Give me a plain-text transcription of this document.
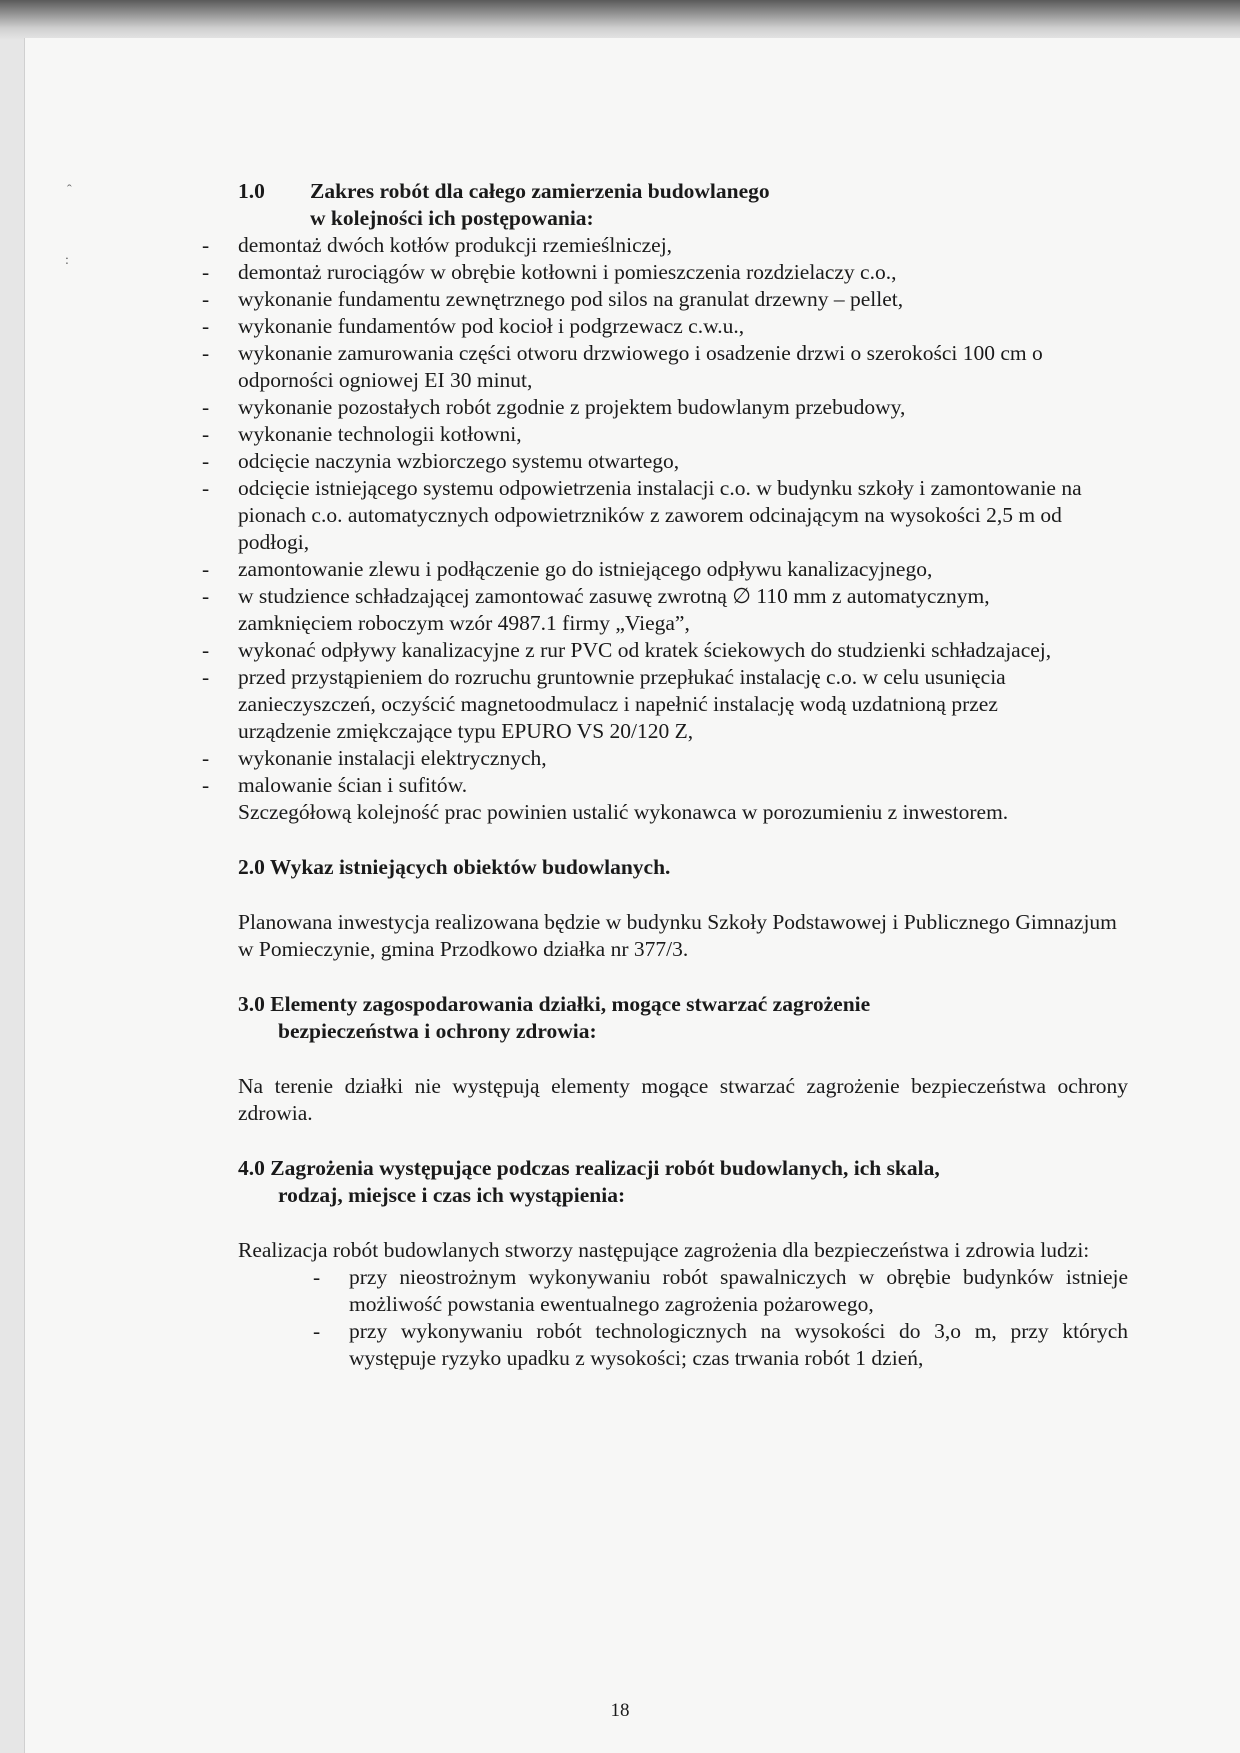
ˆ
:
1.0 Zakres robót dla całego zamierzenia budowlanego
w kolejności ich postępowania:
- demontaż dwóch kotłów produkcji rzemieślniczej,
- demontaż rurociągów w obrębie kotłowni i pomieszczenia rozdzielaczy c.o.,
- wykonanie fundamentu zewnętrznego pod silos na granulat drzewny – pellet,
- wykonanie fundamentów pod kocioł i podgrzewacz c.w.u.,
- wykonanie zamurowania części otworu drzwiowego i osadzenie drzwi o szerokości 100 cm o odporności ogniowej EI 30 minut,
- wykonanie pozostałych robót zgodnie z projektem budowlanym przebudowy,
- wykonanie technologii kotłowni,
- odcięcie naczynia wzbiorczego systemu otwartego,
- odcięcie istniejącego systemu odpowietrzenia instalacji c.o. w budynku szkoły i zamontowanie na pionach c.o. automatycznych odpowietrzników z zaworem odcinającym na wysokości 2,5 m od podłogi,
- zamontowanie zlewu i podłączenie go do istniejącego odpływu kanalizacyjnego,
- w studzience schładzającej zamontować zasuwę zwrotną ∅ 110 mm z automatycznym, zamknięciem roboczym wzór 4987.1 firmy „Viega”,
- wykonać odpływy kanalizacyjne z rur PVC od kratek ściekowych do studzienki schładzajacej,
- przed przystąpieniem do rozruchu gruntownie przepłukać instalację c.o. w celu usunięcia zanieczyszczeń, oczyścić magnetoodmulacz i napełnić instalację wodą uzdatnioną przez urządzenie zmiękczające typu EPURO VS 20/120 Z,
- wykonanie instalacji elektrycznych,
- malowanie ścian i sufitów.

Szczegółową kolejność prac powinien ustalić wykonawca w porozumieniu z inwestorem.

2.0 Wykaz istniejących obiektów budowlanych.

Planowana inwestycja realizowana będzie w budynku Szkoły Podstawowej i Publicznego Gimnazjum w Pomieczynie, gmina Przodkowo działka nr 377/3.

3.0 Elementy zagospodarowania działki, mogące stwarzać zagrożenie
bezpieczeństwa i ochrony zdrowia:

Na terenie działki nie występują elementy mogące stwarzać zagrożenie bezpieczeństwa ochrony zdrowia.

4.0 Zagrożenia występujące podczas realizacji robót budowlanych, ich skala,
rodzaj, miejsce i czas ich wystąpienia:

Realizacja robót budowlanych stworzy następujące zagrożenia dla bezpieczeństwa i zdrowia ludzi:

- przy nieostrożnym wykonywaniu robót spawalniczych w obrębie budynków istnieje możliwość powstania ewentualnego zagrożenia pożarowego,
- przy wykonywaniu robót technologicznych na wysokości do 3,o m, przy których występuje ryzyko upadku z wysokości; czas trwania robót 1 dzień,
18
